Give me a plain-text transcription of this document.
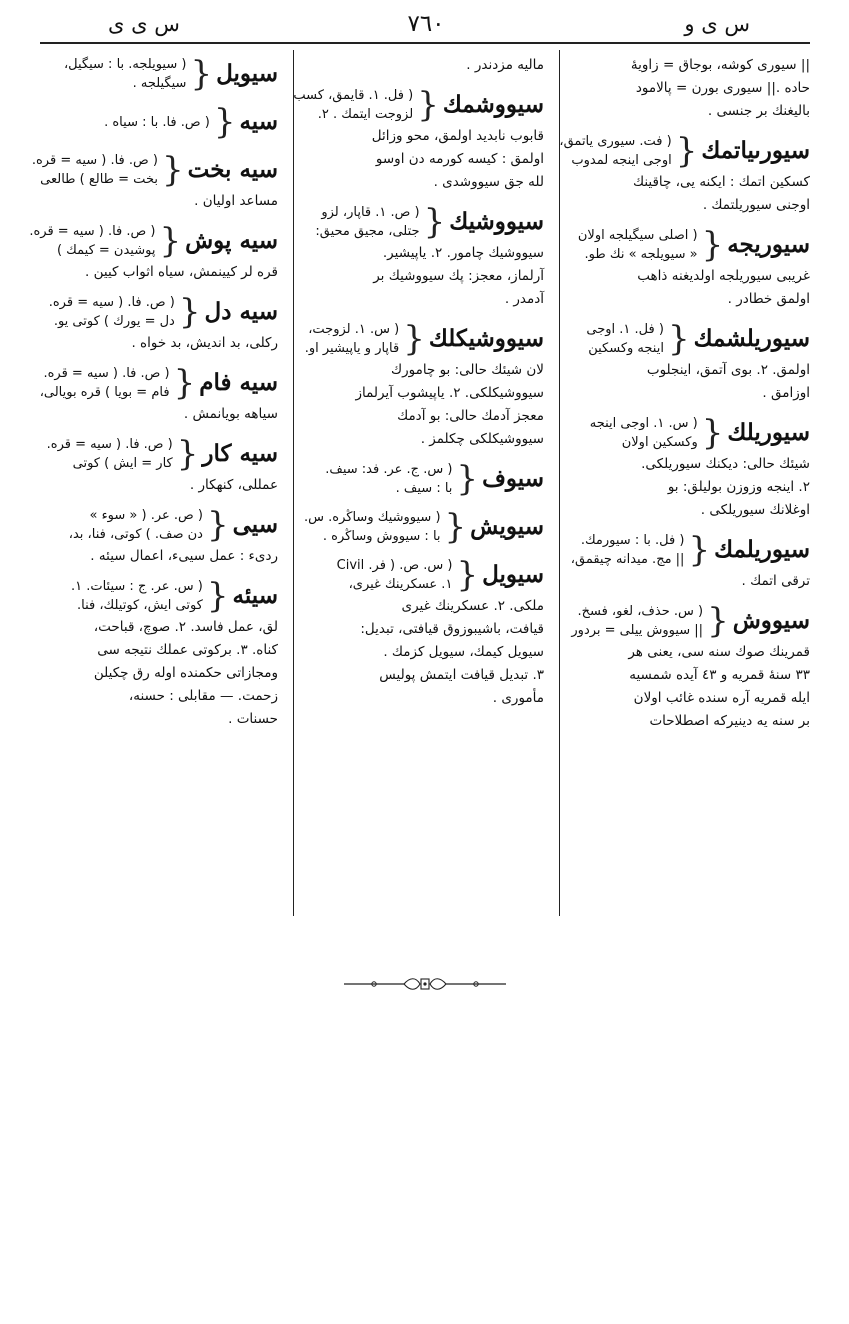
س ى ى	٧٦٠	س ى و
|| سيورى كوشه، بوجاق = زاويهٔ
حاده .|| سيورى بورن = پالامود
باليغنك بر جنسى .
سيورىياتمك
{
( فت. سيورى ياتمق،
اوجى اينجه لمدوب
كسكين اتمك : ايكنه يى، چاقينك
اوجنى سيوريلتمك .
سيوريجه
{
( اصلى سيگيلجه اولان
« سيويلجه » نك طو.
غريبى سيوريلجه اولديغنه ذاهب
اولمق خطادر .
سيوريلشمك
{
( فل. ١. اوجى
اينجه وكسكين
اولمق. ٢. بوى آتمق، اينجلوب
اوزامق .
سيوريلك
{
( س. ١. اوجى اينجه
وكسكين اولان
شيئك حالى: ديكنك سيوريلكى.
٢. اينجه وزوزن بوليلق: بو
اوغلانك سيوريلكى .
سيوريلمك
{
( فل. با : سيورمك.
|| مج. ميدانه چيقمق،
ترقى اتمك .
سيووش
{
( س. حذف، لغو، فسخ.
|| سيووش ييلى = بردور
قمرينك صوك سنه سى، يعنى هر
٣٣ سنهٔ قمريه و ٤٣ آيده شمسيه
ايله قمريه آره سنده غائب اولان
بر سنه يه دينيركه اصطلاحات
ماليه مزدندر .
سيووشمك
{
( فل. ١. قايمق، كسب
لزوجت ايتمك . ٢.
قابوب نابديد اولمق، محو وزائل
اولمق : كيسه كورمه دن اوسو
لله جق سيووشدى .
سيووشيك
{
( ص. ١. قاپار، لزو
جتلى، مجيق محيق:
سيووشيك چامور. ٢. ياپيشير.
آرلماز، معجز: پك سيووشيك بر
آدمدر .
سيووشيكلك
{
( س. ١. لزوجت،
قاپار و ياپيشير او.
لان شيئك حالى: بو چامورك
سيووشيكلكى. ٢. ياپيشوب آيرلماز
معجز آدمك حالى: بو آدمك
سيووشيكلكى چكلمز .
سيوف
{
( س. ج. عر. فد: سيف.
با : سيف .
سيويش
{
( سيووشيك وساڭره. س.
با : سيووش وساڭره .
سيويل
{
( س. ص. ( فر. Civil
١. عسكرينك غيرى،
ملكى. ٢. عسكرينك غيرى
قيافت، باشيبوزوق قيافتى، تبديل:
سيويل كيمك، سيويل كزمك .
٣. تبديل قيافت ايتمش پوليس
مأمورى .
سيويل
{
( سيويلجه. با : سيگيل،
سيگيلجه .
سيه
{
( ص. فا. با : سياه .
سيه بخت
{
( ص. فا. ( سيه = قره.
بخت = طالع ) طالعى
مساعد اوليان .
سيه پوش
{
( ص. فا. ( سيه = قره.
پوشيدن = كيمك )
قره لر كيينمش، سياه اثواب كيين .
سيه دل
{
( ص. فا. ( سيه = قره.
دل = يورك ) كوتى يو.
ركلى، بد انديش، بد خواه .
سيه فام
{
( ص. فا. ( سيه = قره.
فام = بويا ) قره بويالى،
سياهه بويانمش .
سيه كار
{
( ص. فا. ( سيه = قره.
كار = ايش ) كوتى
عمللى، كنهكار .
سيى
{
( ص. عر. ( « سوء »
دن صف. ) كوتى، فنا، بد،
ردىء : عمل سيىء، اعمال سيئه .
سيئه
{
( س. عر. ج : سيئات. ١.
كوتى ايش، كوتيلك، فنا.
لق، عمل فاسد. ٢. صوچ، قباحت،
كناه. ٣. بركوتى عملك نتيجه سى
ومجازاتى حكمنده اوله رق چكيلن
زحمت. — مقابلى : حسنه،
حسنات .
